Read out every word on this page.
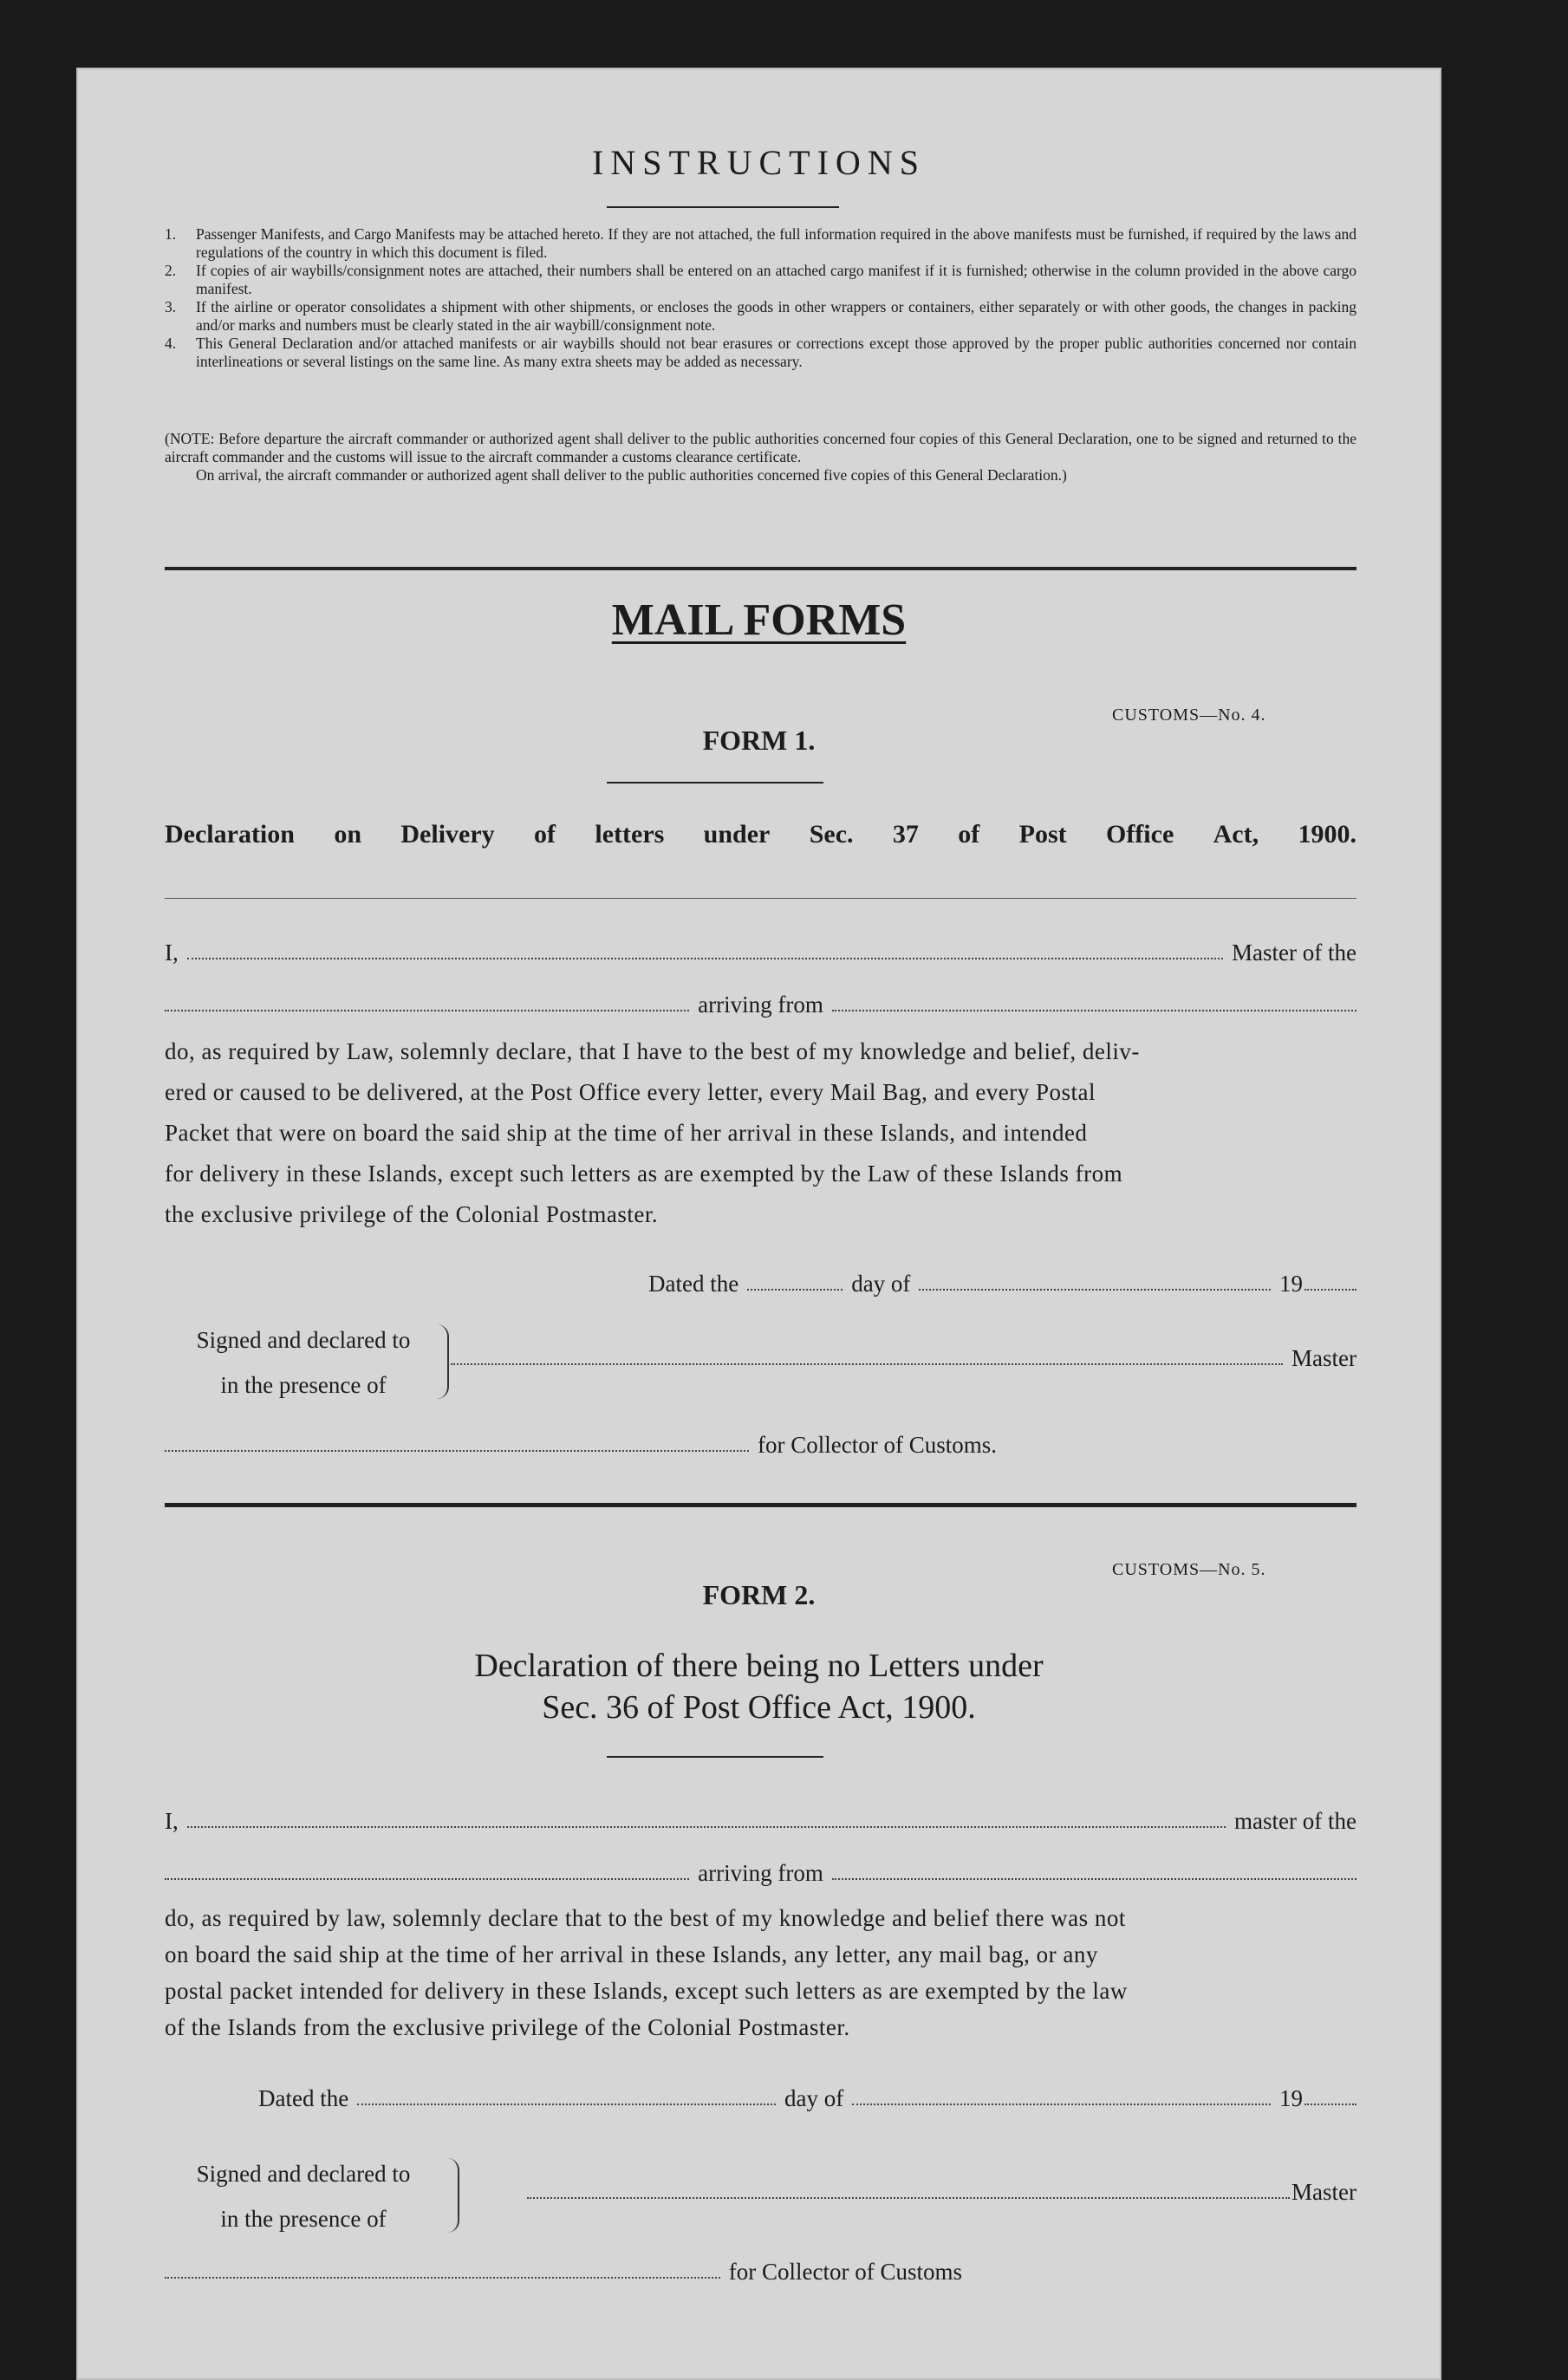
INSTRUCTIONS
1. Passenger Manifests, and Cargo Manifests may be attached hereto. If they are not attached, the full information required in the above manifests must be furnished, if required by the laws and regulations of the country in which this document is filed.
2. If copies of air waybills/consignment notes are attached, their numbers shall be entered on an attached cargo manifest if it is furnished; otherwise in the column provided in the above cargo manifest.
3. If the airline or operator consolidates a shipment with other shipments, or encloses the goods in other wrappers or containers, either separately or with other goods, the changes in packing and/or marks and numbers must be clearly stated in the air waybill/consignment note.
4. This General Declaration and/or attached manifests or air waybills should not bear erasures or corrections except those approved by the proper public authorities concerned nor contain interlineations or several listings on the same line. As many extra sheets may be added as necessary.
(NOTE: Before departure the aircraft commander or authorized agent shall deliver to the public authorities concerned four copies of this General Declaration, one to be signed and returned to the aircraft commander and the customs will issue to the aircraft commander a customs clearance certificate.
On arrival, the aircraft commander or authorized agent shall deliver to the public authorities concerned five copies of this General Declaration.)
MAIL FORMS
CUSTOMS—No. 4.
FORM 1.
Declaration on Delivery of letters under Sec. 37 of Post Office Act, 1900.
I,	Master of the
arriving from
do, as required by Law, solemnly declare, that I have to the best of my knowledge and belief, deliv-
ered or caused to be delivered, at the Post Office every letter, every Mail Bag, and every Postal
Packet that were on board the said ship at the time of her arrival in these Islands, and intended
for delivery in these Islands, except such letters as are exempted by the Law of these Islands from
the exclusive privilege of the Colonial Postmaster.
Dated the	day of	19
Signed and declared to
in the presence of
Master
for Collector of Customs.
CUSTOMS—No. 5.
FORM 2.
Declaration of there being no Letters under
Sec. 36 of Post Office Act, 1900.
I,	master of the
arriving from
do, as required by law, solemnly declare that to the best of my knowledge and belief there was not
on board the said ship at the time of her arrival in these Islands, any letter, any mail bag, or any
postal packet intended for delivery in these Islands, except such letters as are exempted by the law
of the Islands from the exclusive privilege of the Colonial Postmaster.
Dated the	day of	19
Signed and declared to
in the presence of
Master
for Collector of Customs
